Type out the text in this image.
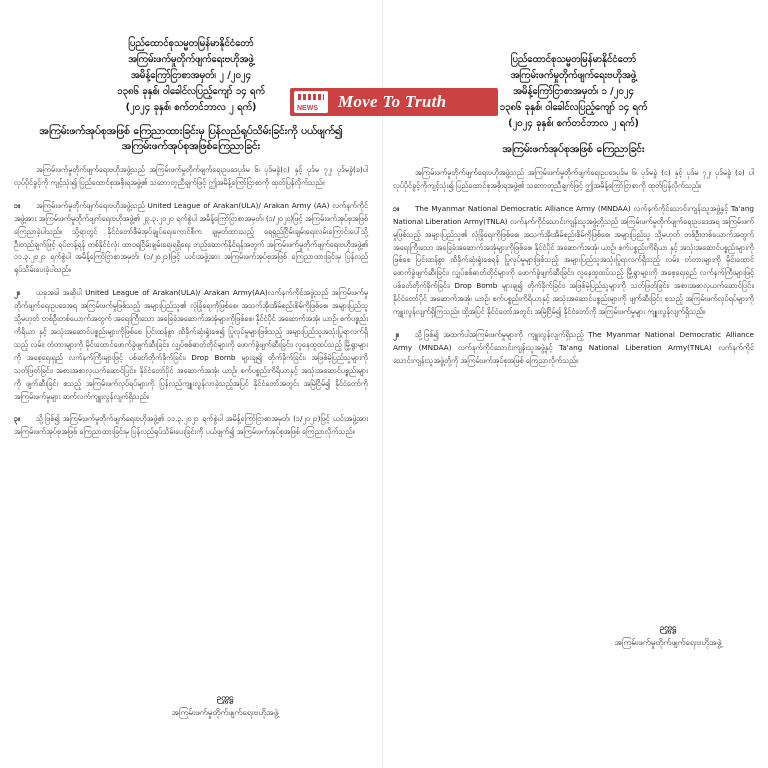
ပြည်ထောင်စုသမ္မတမြန်မာနိုင်ငံတော်
အကြမ်းဖက်မှုတိုက်ဖျက်ရေးဗဟိုအဖွဲ့
အမိန့်ကြော်ငြာစာအမှတ်၊ ၂ /၂၀၂၄
၁၃၈၆ ခုနှစ်၊ ဝါခေါင်လပြည့်ကျော် ၁၄ ရက်
(၂၀၂၄ ခုနှစ်၊ စက်တင်ဘာလ ၂ ရက်)
အကြမ်းဖက်အုပ်စုအဖြစ် ကြေညာထားခြင်းမှ ပြန်လည်ရုပ်သိမ်းခြင်းကို ပယ်ဖျက်၍
အကြမ်းဖက်အုပ်စုအဖြစ်ကြေညာခြင်း

အကြမ်းဖက်မှုတိုက်ဖျက်ရေးဗဟိုအဖွဲ့သည် အကြမ်းဖက်မှုတိုက်ဖျက်ရေးဥပဒေပုဒ်မ ၆၊ ပုဒ်မခွဲ(င) နှင့် ပုဒ်မ ၇၂၊ ပုဒ်မခွဲ(ခ)ပါ လုပ်ပိုင်ခွင့်ကို ကျင့်သုံး၍ ပြည်ထောင်စုအစိုးရအဖွဲ့၏ သဘောတူညီချက်ဖြင့် ဤအမိန့်ကြော်ငြာစာကို ထုတ်ပြန်လိုက်သည်။

၁။ အကြမ်းဖက်မှုတိုက်ဖျက်ရေးဗဟိုအဖွဲ့သည် United League of Arakan(ULA)/ Arakan Army (AA) လက်နက်ကိုင်အဖွဲ့အား အကြမ်းဖက်မှုတိုက်ဖျက်ရေးဗဟိုအဖွဲ့၏ ၂၃.၃.၂၀၂၀ ရက်စွဲပါ အမိန့်ကြော်ငြာစာအမှတ်၊ (၁/၂၀၂၀)ဖြင့် အကြမ်းဖက်အုပ်စုအဖြစ် ကြေညာခဲ့ပါသည်။ သို့ရာတွင် နိုင်ငံတော်စီမံအုပ်ချုပ်ရေးကောင်စီက ချမှတ်ထားသည့် ရေရှည်ငြိမ်းချမ်းရေးလမ်းကြောင်းပေါ်သို့ ဦးတည်ချက်ဖြင့် ရပ်တန့်ရန် တစ်နိုင်ငံလုံး ထာဝရငြိမ်းချမ်းရေးရရှိရေး တည်ဆောက်နိုင်ရန်အတွက် အကြမ်းဖက်မှုတိုက်ဖျက်ရေးဗဟိုအဖွဲ့၏ ၁၁.၃.၂၀၂၁ ရက်စွဲပါ အမိန့်ကြော်ငြာစာအမှတ်၊ (၁/၂၀၂၁)ဖြင့် ယင်းအဖွဲ့အား အကြမ်းဖက်အုပ်စုအဖြစ် ကြေညာထားခြင်းမှ ပြန်လည်ရုပ်သိမ်းပေးခဲ့ပါသည်။

၂။ ယခုအခါ အဆိုပါ United League of Arakan(ULA)/ Arakan Army(AA)လက်နက်ကိုင်အဖွဲ့သည် အကြမ်းဖက်မှုတိုက်ဖျက်ရေးဥပဒေအရ အကြမ်းဖက်မှုဖြစ်သည့် အများပြည်သူ၏ လုံခြုံရေးကိုဖြစ်စေ၊ အသက်အိုးအိမ်စည်းစိမ်ကိုဖြစ်စေ၊ အများပြည်သူ သို့မဟုတ် တစ်ဦးတစ်ယောက်အတွက် အရေးကြီးသော အခြေခံအဆောက်အအုံများကိုဖြစ်စေ၊ နိုင်ငံပိုင် အဆောက်အအုံ၊ ယာဉ်၊ စက်ပစ္စည်းကိရိယာ နှင့် အသုံးအဆောင်ပစ္စည်းများကိုဖြစ်စေ ပြင်းထန်စွာ ထိခိုက်ဆုံးရှုံးစေ၍ ပြုလုပ်မှုများဖြစ်သည့် အများပြည်သူအသုံးပြုရာလက်ရှိသည့် လမ်း၊ တံတားများကို မိုင်းထောင်ဖောက်ခွဲဖျက်ဆီးခြင်း၊ လျှပ်စစ်ဓာတ်တိုင်များကို ဖောက်ခွဲဖျက်ဆီးခြင်း၊ လူနေထူထပ်သည့် မြို့ရွာများကို အစေ့ရေးရှည် လက်နက်ကြီးများဖြင့် ပစ်ခတ်တိုက်ခိုက်ခြင်း၊ Drop Bomb များချ၍ တိုက်ခိုက်ခြင်း၊ အဖြစ်မဲ့ပြည်သူများကို သတ်ဖြတ်ခြင်း၊ အစားအစာလုယက်ဆောင်ပြင်း၊ နိုင်ငံတော်ပိုင် အဆောက်အအုံ၊ ယာဉ်၊ စက်ပစ္စည်းကိရိယာနှင့် အသုံးအဆောင်ပစ္စည်းများကို ဖျက်ဆီးခြင်း စသည့် အကြမ်းဖက်လုပ်ရပ်များကို ပြန်လည်ကျူးလွန်လာခဲ့သည့်အပြင် နိုင်ငံတော်အတွင်း အမြဲငြိမ်၍ နိုင်ငံတော်ကို အကြမ်းဖက်မှုများ ဆက်လက်ကျူးလွန်လျက်ရှိသည်။

၃။ သို့ဖြစ်၍ အကြမ်းဖက်မှုတိုက်ဖျက်ရေးဗဟိုအဖွဲ့၏ ၁၁.၃.၂၀၂၁ ရက်စွဲပါ အမိန့်ကြော်ငြာစာအမှတ်၊ (၁/၂၀၂၁)ဖြင့် ယင်းအဖွဲ့အား အကြမ်းဖက်အုပ်စုအဖြစ် ကြေညာထားခြင်းမှ ပြန်လည်ရုပ်သိမ်းပေးခြင်းကို ပယ်ဖျက်၍ အကြမ်းဖက်အုပ်စုအဖြစ် ကြေညာလိုက်သည်။

ဉက္ကဋ္ဌ
အကြမ်းဖက်မှုတိုက်ဖျက်ရေးဗဟိုအဖွဲ့
ပြည်ထောင်စုသမ္မတမြန်မာနိုင်ငံတော်
အကြမ်းဖက်မှုတိုက်ဖျက်ရေးဗဟိုအဖွဲ့
အမိန့်ကြော်ငြာစာအမှတ်၊ ၁ /၂၀၂၄
၁၃၈၆ ခုနှစ်၊ ဝါခေါင်လပြည့်ကျော် ၁၄ ရက်
(၂၀၂၄ ခုနှစ်၊ စက်တင်ဘာလ ၂ ရက်)
အကြမ်းဖက်အုပ်စုအဖြစ် ကြေညာခြင်း

အကြမ်းဖက်မှုတိုက်ဖျက်ရေးဗဟိုအဖွဲ့သည် အကြမ်းဖက်မှုတိုက်ဖျက်ရေးဥပဒေပုဒ်မ ၆၊ ပုဒ်မခွဲ (င) နှင့် ပုဒ်မ ၇၂၊ ပုဒ်မခွဲ (ခ) ပါ လုပ်ပိုင်ခွင့်ကိုကျင့်သုံး၍ ပြည်ထောင်စုအစိုးရအဖွဲ့၏ သဘောတူညီချက်ဖြင့် ဤအမိန့်ကြော်ငြာစာကို ထုတ်ပြန်လိုက်သည်။

၁။ The Myanmar National Democratic Alliance Army (MNDAA) လက်နက်ကိုင်သောင်းကျန်းသူအဖွဲ့နှင့် Ta'ang National Liberation Army(TNLA) လက်နက်ကိုင်သောင်းကျန်းသူအဖွဲ့တို့သည် အကြမ်းဖက်မှုတိုက်ဖျက်ရေးဥပဒေအရ အကြမ်းဖက်မှုဖြစ်သည့် အများပြည်သူ၏ လုံခြုံရေးကိုဖြစ်စေ၊ အသက်အိုးအိမ်စည်းစိမ်ကိုဖြစ်စေ၊ အများပြည်သူ သို့မဟုတ် တစ်ဦးတစ်ယောက်အတွက် အရေးကြီးသော အခြေခံအဆောက်အအုံများကိုဖြစ်စေ၊ နိုင်ငံပိုင် အဆောက်အအုံ၊ ယာဉ်၊ စက်ပစ္စည်းကိရိယာ နှင့် အသုံးအဆောင်ပစ္စည်းများကိုဖြစ်စေ ပြင်းထန်စွာ ထိခိုက်ဆုံးရှုံးစေရန် ပြုလုပ်မှုများဖြစ်သည့် အများပြည်သူအသုံးပြုရာလက်ရှိသည့် လမ်း၊ တံတားများကို မိုင်းထောင်ဖောက်ခွဲဖျက်ဆီးခြင်း၊ လျှပ်စစ်ဓာတ်တိုင်များကို ဖောက်ခွဲဖျက်ဆီးခြင်း၊ လူနေထူထပ်သည့် မြို့ရွာများကို အစေ့ရေးရှည် လက်နက်ကြီးများဖြင့် ပစ်ခတ်တိုက်ခိုက်ခြင်း၊ Drop Bomb များချ၍ တိုက်ခိုက်ခြင်း၊ အဖြစ်မဲ့ပြည်သူများကို သတ်ဖြတ်ခြင်း၊ အစားအစာလုယက်ဆောင်ပြင်း၊ နိုင်ငံတော်ပိုင် အဆောက်အအုံ၊ ယာဉ်၊ စက်ပစ္စည်းကိရိယာနှင့် အသုံးအဆောင်ပစ္စည်းများကို ဖျက်ဆီးခြင်း စသည့် အကြမ်းဖက်လုပ်ရပ်များကို ကျူးလွန်လျက်ရှိကြသည်။ ထို့အပြင် နိုင်ငံတော်အတွင်း အမြဲငြိမ်၍ နိုင်ငံတော်ကို အကြမ်းဖက်မှုများ ကျူးလွန်လျက်ရှိသည်။

၂။ သို့ဖြစ်၍ အထက်ပါအကြမ်းဖက်မှုများကို ကျူးလွန်လျက်ရှိသည့် The Myanmar National Democratic Alliance Army (MNDAA) လက်နက်ကိုင်သောင်းကျန်းသူအဖွဲ့နှင့် Ta'ang National Liberation Army(TNLA) လက်နက်ကိုင်သောင်းကျန်းသူအဖွဲ့တို့ကို အကြမ်းဖက်အုပ်စုအဖြစ် ကြေညာလိုက်သည်။

ဉက္ကဋ္ဌ
အကြမ်းဖက်မှုတိုက်ဖျက်ရေးဗဟိုအဖွဲ့
NEWS Move To Truth
